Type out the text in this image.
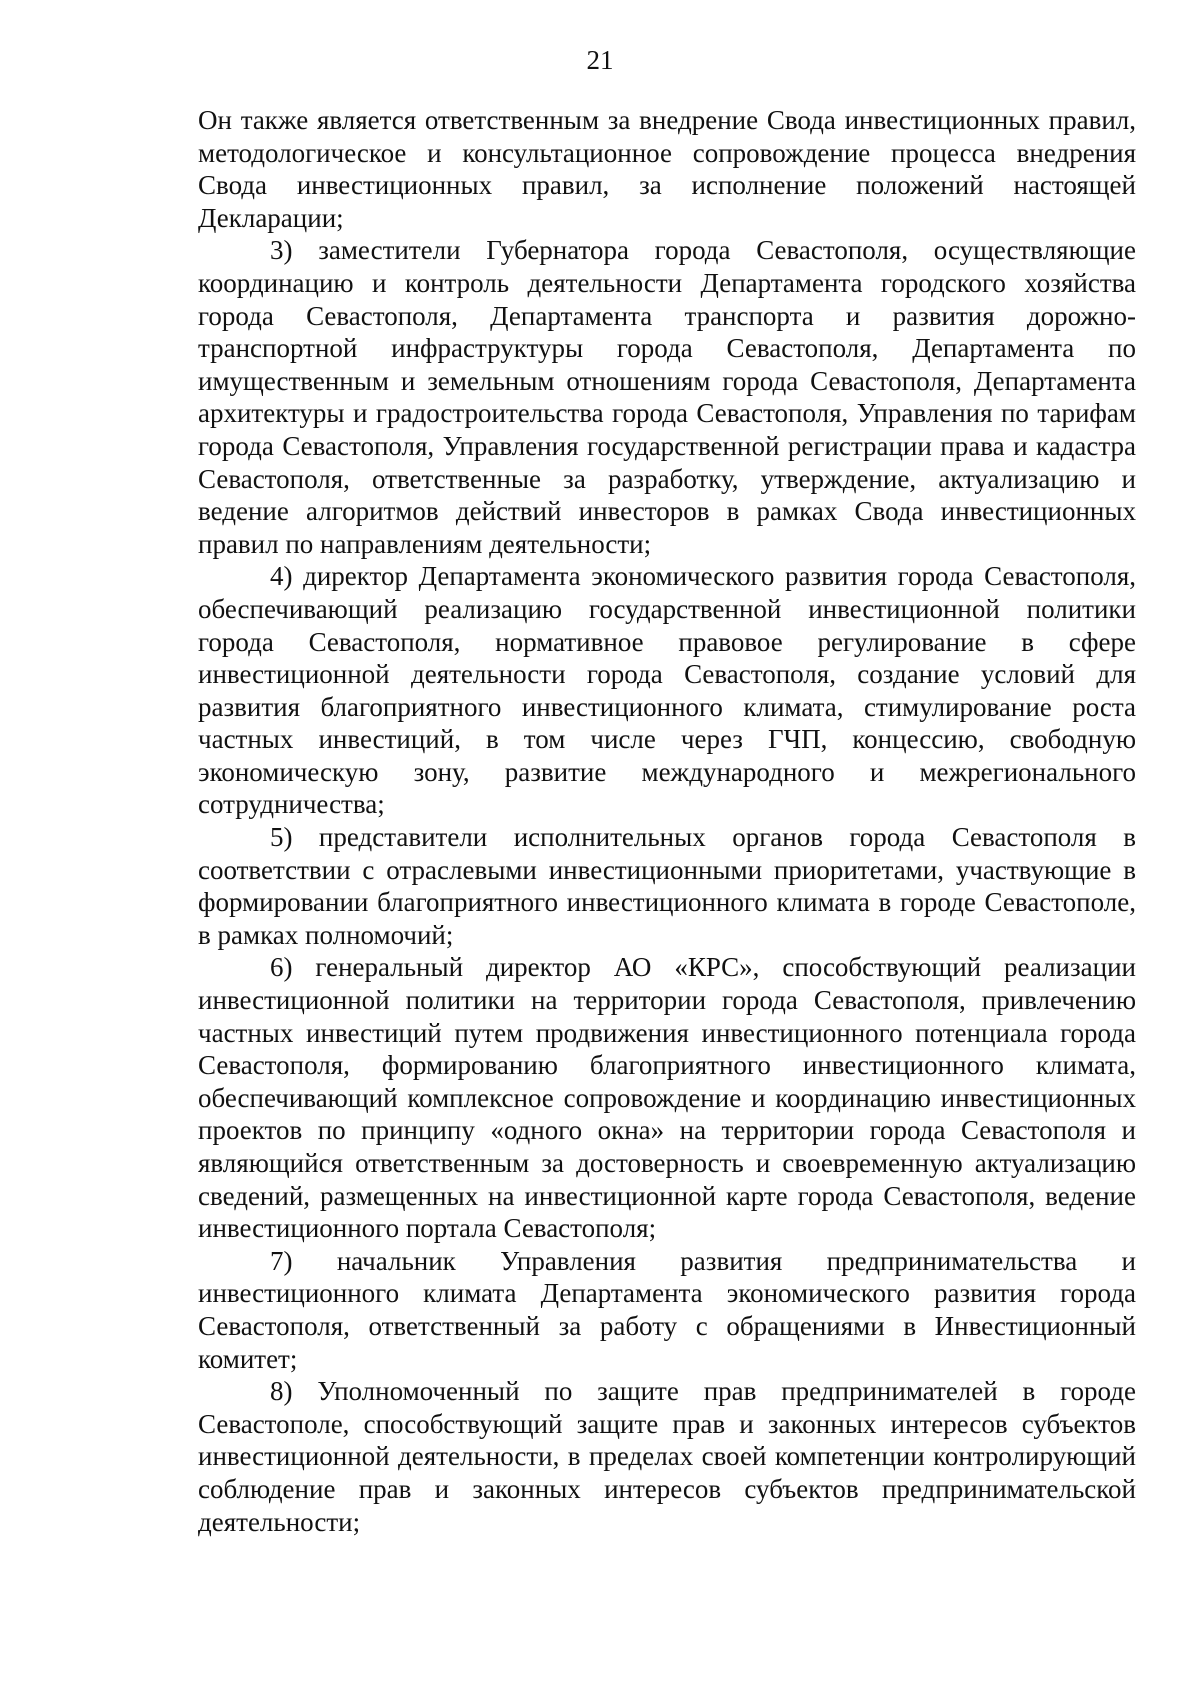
21

Он также является ответственным за внедрение Свода инвестиционных правил, методологическое и консультационное сопровождение процесса внедрения Свода инвестиционных правил, за исполнение положений настоящей Декларации;

3) заместители Губернатора города Севастополя, осуществляющие координацию и контроль деятельности Департамента городского хозяйства города Севастополя, Департамента транспорта и развития дорожно-транспортной инфраструктуры города Севастополя, Департамента по имущественным и земельным отношениям города Севастополя, Департамента архитектуры и градостроительства города Севастополя, Управления по тарифам города Севастополя, Управления государственной регистрации права и кадастра Севастополя, ответственные за разработку, утверждение, актуализацию и ведение алгоритмов действий инвесторов в рамках Свода инвестиционных правил по направлениям деятельности;

4) директор Департамента экономического развития города Севастополя, обеспечивающий реализацию государственной инвестиционной политики города Севастополя, нормативное правовое регулирование в сфере инвестиционной деятельности города Севастополя, создание условий для развития благоприятного инвестиционного климата, стимулирование роста частных инвестиций, в том числе через ГЧП, концессию, свободную экономическую зону, развитие международного и межрегионального сотрудничества;

5) представители исполнительных органов города Севастополя в соответствии с отраслевыми инвестиционными приоритетами, участвующие в формировании благоприятного инвестиционного климата в городе Севастополе, в рамках полномочий;

6) генеральный директор АО «КРС», способствующий реализации инвестиционной политики на территории города Севастополя, привлечению частных инвестиций путем продвижения инвестиционного потенциала города Севастополя, формированию благоприятного инвестиционного климата, обеспечивающий комплексное сопровождение и координацию инвестиционных проектов по принципу «одного окна» на территории города Севастополя и являющийся ответственным за достоверность и своевременную актуализацию сведений, размещенных на инвестиционной карте города Севастополя, ведение инвестиционного портала Севастополя;

7) начальник Управления развития предпринимательства и инвестиционного климата Департамента экономического развития города Севастополя, ответственный за работу с обращениями в Инвестиционный комитет;

8) Уполномоченный по защите прав предпринимателей в городе Севастополе, способствующий защите прав и законных интересов субъектов инвестиционной деятельности, в пределах своей компетенции контролирующий соблюдение прав и законных интересов субъектов предпринимательской деятельности;
